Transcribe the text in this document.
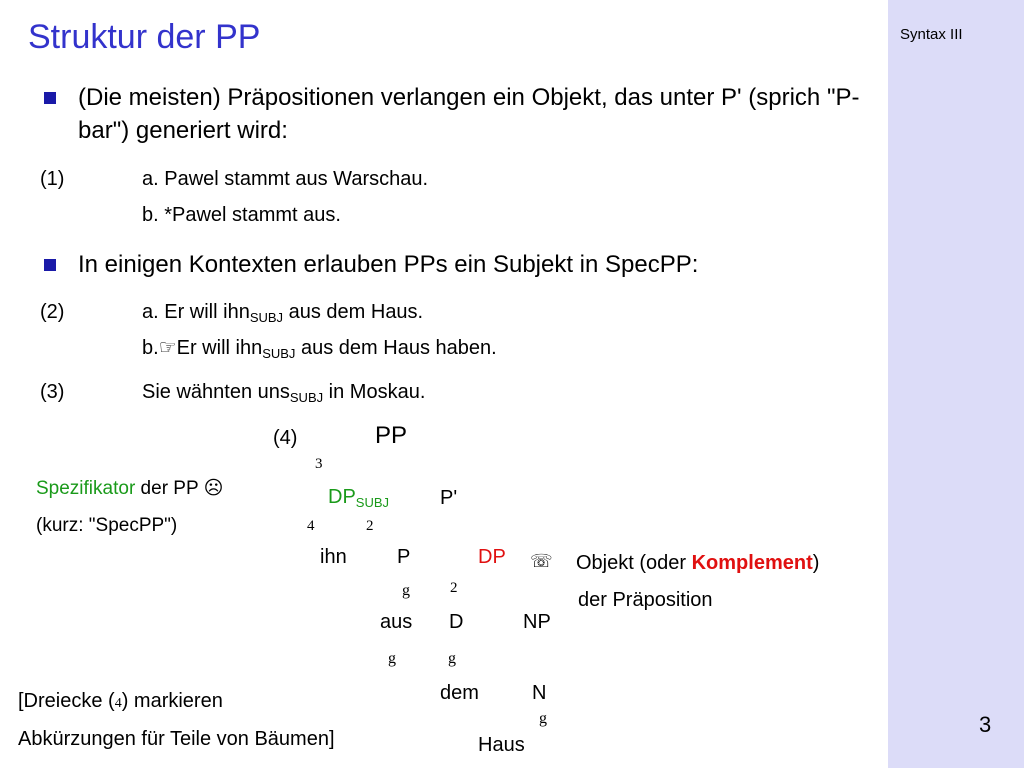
Syntax III
3
Struktur der PP
(Die meisten) Präpositionen verlangen ein Objekt, das unter P' (sprich "P-bar") generiert wird:
(1)	a. Pawel stammt aus Warschau.
b. *Pawel stammt aus.
In einigen Kontexten erlauben PPs ein Subjekt in SpecPP:
(2)	a. Er will ihn$_{SUBJ}$ aus dem Haus.
b.☞Er will ihn$_{SUBJ}$ aus dem Haus haben.
(3)	Sie wähnten uns$_{SUBJ}$ in Moskau.
(4)	PP
3
$DP_{SUBJ}$	P'
4	2
ihn	P	DP
g	2
aus D	NP
g	g
dem	N
g
Haus
Spezifikator der PP ☹
(kurz: "SpecPP")
☏ Objekt (oder Komplement)
der Präposition
[Dreiecke (4) markieren
Abkürzungen für Teile von Bäumen]
